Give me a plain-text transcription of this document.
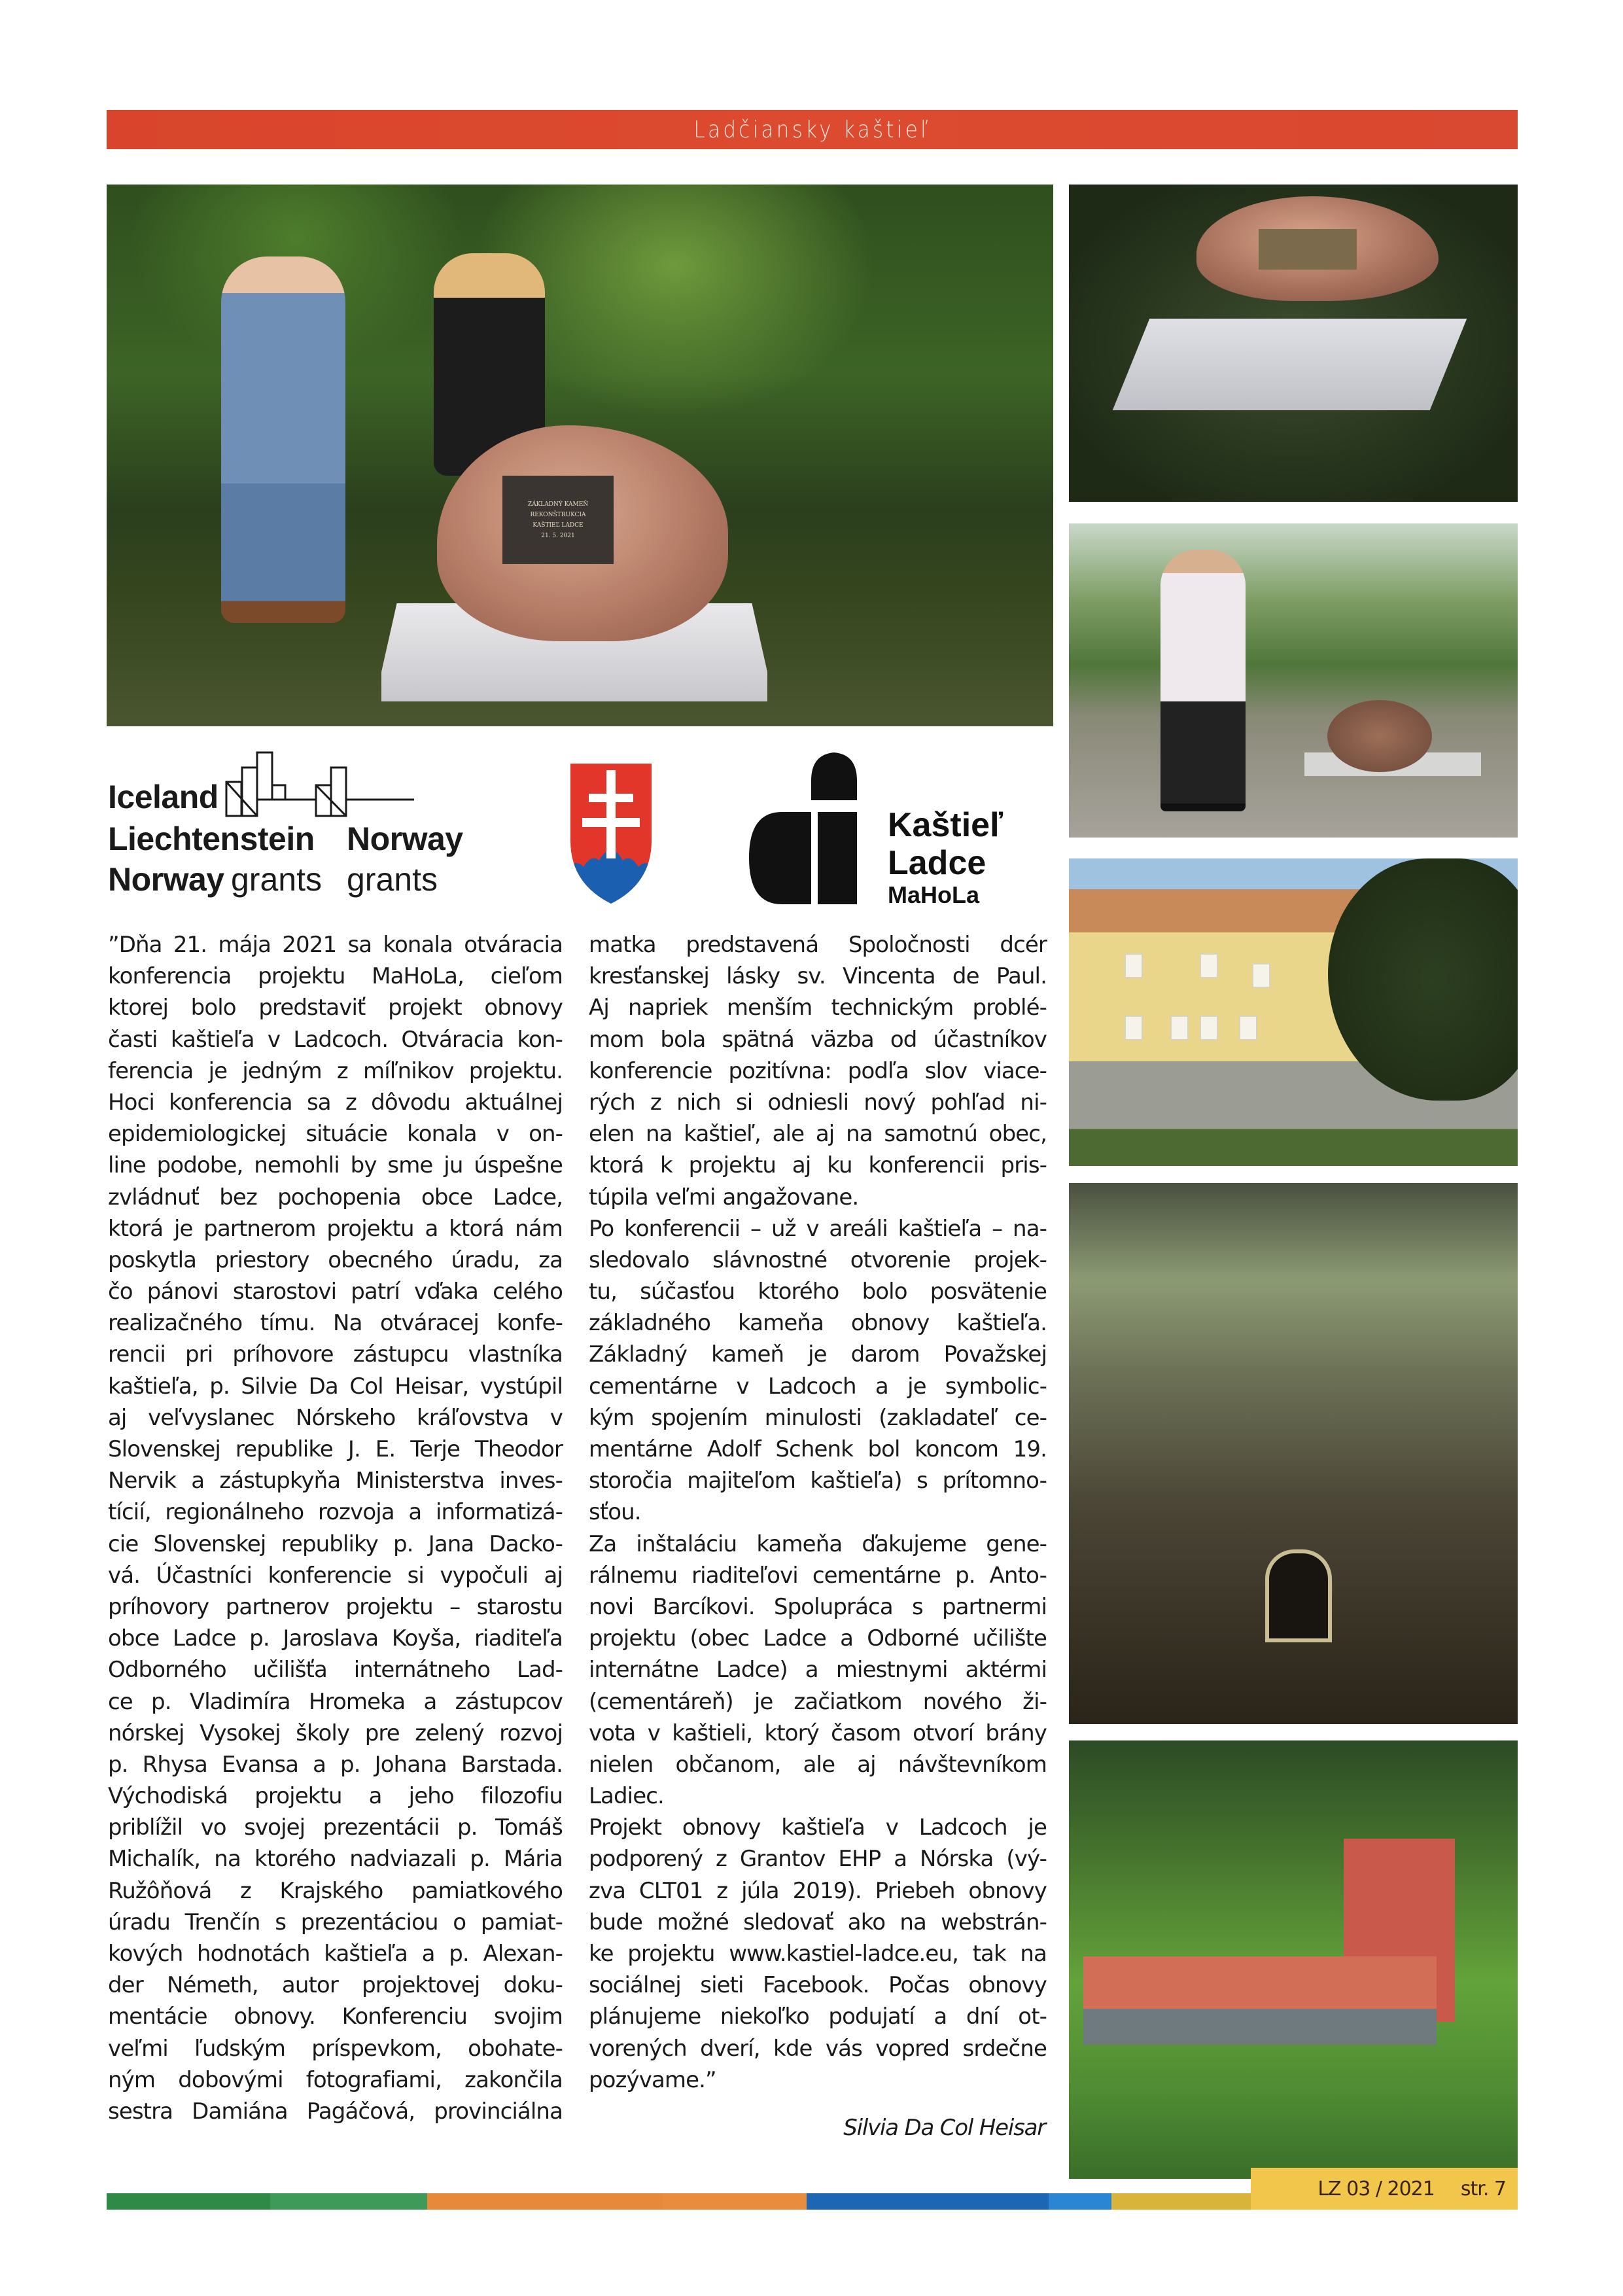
Ladčiansky kaštieľ
ZÁKLADNÝ KAMEŇ
REKONŠTRUKCIA
KAŠTIEĽ LADCE
21. 5. 2021
Iceland
Liechtenstein Norway
Norway grants grants
Kaštieľ
Ladce
MaHoLa
”Dňa 21. mája 2021 sa konala otváracia
konferencia projektu MaHoLa, cieľom
ktorej bolo predstaviť projekt obnovy
časti kaštieľa v Ladcoch. Otváracia kon-
ferencia je jedným z míľnikov projektu.
Hoci konferencia sa z dôvodu aktuálnej
epidemiologickej situácie konala v on-
line podobe, nemohli by sme ju úspešne
zvládnuť bez pochopenia obce Ladce,
ktorá je partnerom projektu a ktorá nám
poskytla priestory obecného úradu, za
čo pánovi starostovi patrí vďaka celého
realizačného tímu. Na otváracej konfe-
rencii pri príhovore zástupcu vlastníka
kaštieľa, p. Silvie Da Col Heisar, vystúpil
aj veľvyslanec Nórskeho kráľovstva v
Slovenskej republike J. E. Terje Theodor
Nervik a zástupkyňa Ministerstva inves-
tícií, regionálneho rozvoja a informatizá-
cie Slovenskej republiky p. Jana Dacko-
vá. Účastníci konferencie si vypočuli aj
príhovory partnerov projektu – starostu
obce Ladce p. Jaroslava Koyša, riaditeľa
Odborného učilišťa internátneho Lad-
ce p. Vladimíra Hromeka a zástupcov
nórskej Vysokej školy pre zelený rozvoj
p. Rhysa Evansa a p. Johana Barstada.
Východiská projektu a jeho filozofiu
priblížil vo svojej prezentácii p. Tomáš
Michalík, na ktorého nadviazali p. Mária
Ružôňová z Krajského pamiatkového
úradu Trenčín s prezentáciou o pamiat-
kových hodnotách kaštieľa a p. Alexan-
der Németh, autor projektovej doku-
mentácie obnovy. Konferenciu svojim
veľmi ľudským príspevkom, obohate-
ným dobovými fotografiami, zakončila
sestra Damiána Pagáčová, provinciálna
matka predstavená Spoločnosti dcér
kresťanskej lásky sv. Vincenta de Paul.
Aj napriek menším technickým problé-
mom bola spätná väzba od účastníkov
konferencie pozitívna: podľa slov viace-
rých z nich si odniesli nový pohľad ni-
elen na kaštieľ, ale aj na samotnú obec,
ktorá k projektu aj ku konferencii pris-
túpila veľmi angažovane.
Po konferencii – už v areáli kaštieľa – na-
sledovalo slávnostné otvorenie projek-
tu, súčasťou ktorého bolo posvätenie
základného kameňa obnovy kaštieľa.
Základný kameň je darom Považskej
cementárne v Ladcoch a je symbolic-
kým spojením minulosti (zakladateľ ce-
mentárne Adolf Schenk bol koncom 19.
storočia majiteľom kaštieľa) s prítomno-
sťou.
Za inštaláciu kameňa ďakujeme gene-
rálnemu riaditeľovi cementárne p. Anto-
novi Barcíkovi. Spolupráca s partnermi
projektu (obec Ladce a Odborné učilište
internátne Ladce) a miestnymi aktérmi
(cementáreň) je začiatkom nového ži-
vota v kaštieli, ktorý časom otvorí brány
nielen občanom, ale aj návštevníkom
Ladiec.
Projekt obnovy kaštieľa v Ladcoch je
podporený z Grantov EHP a Nórska (vý-
zva CLT01 z júla 2019). Priebeh obnovy
bude možné sledovať ako na webstrán-
ke projektu www.kastiel-ladce.eu, tak na
sociálnej sieti Facebook. Počas obnovy
plánujeme niekoľko podujatí a dní ot-
vorených dverí, kde vás vopred srdečne
pozývame.”
Silvia Da Col Heisar
LZ 03 / 2021 str. 7
